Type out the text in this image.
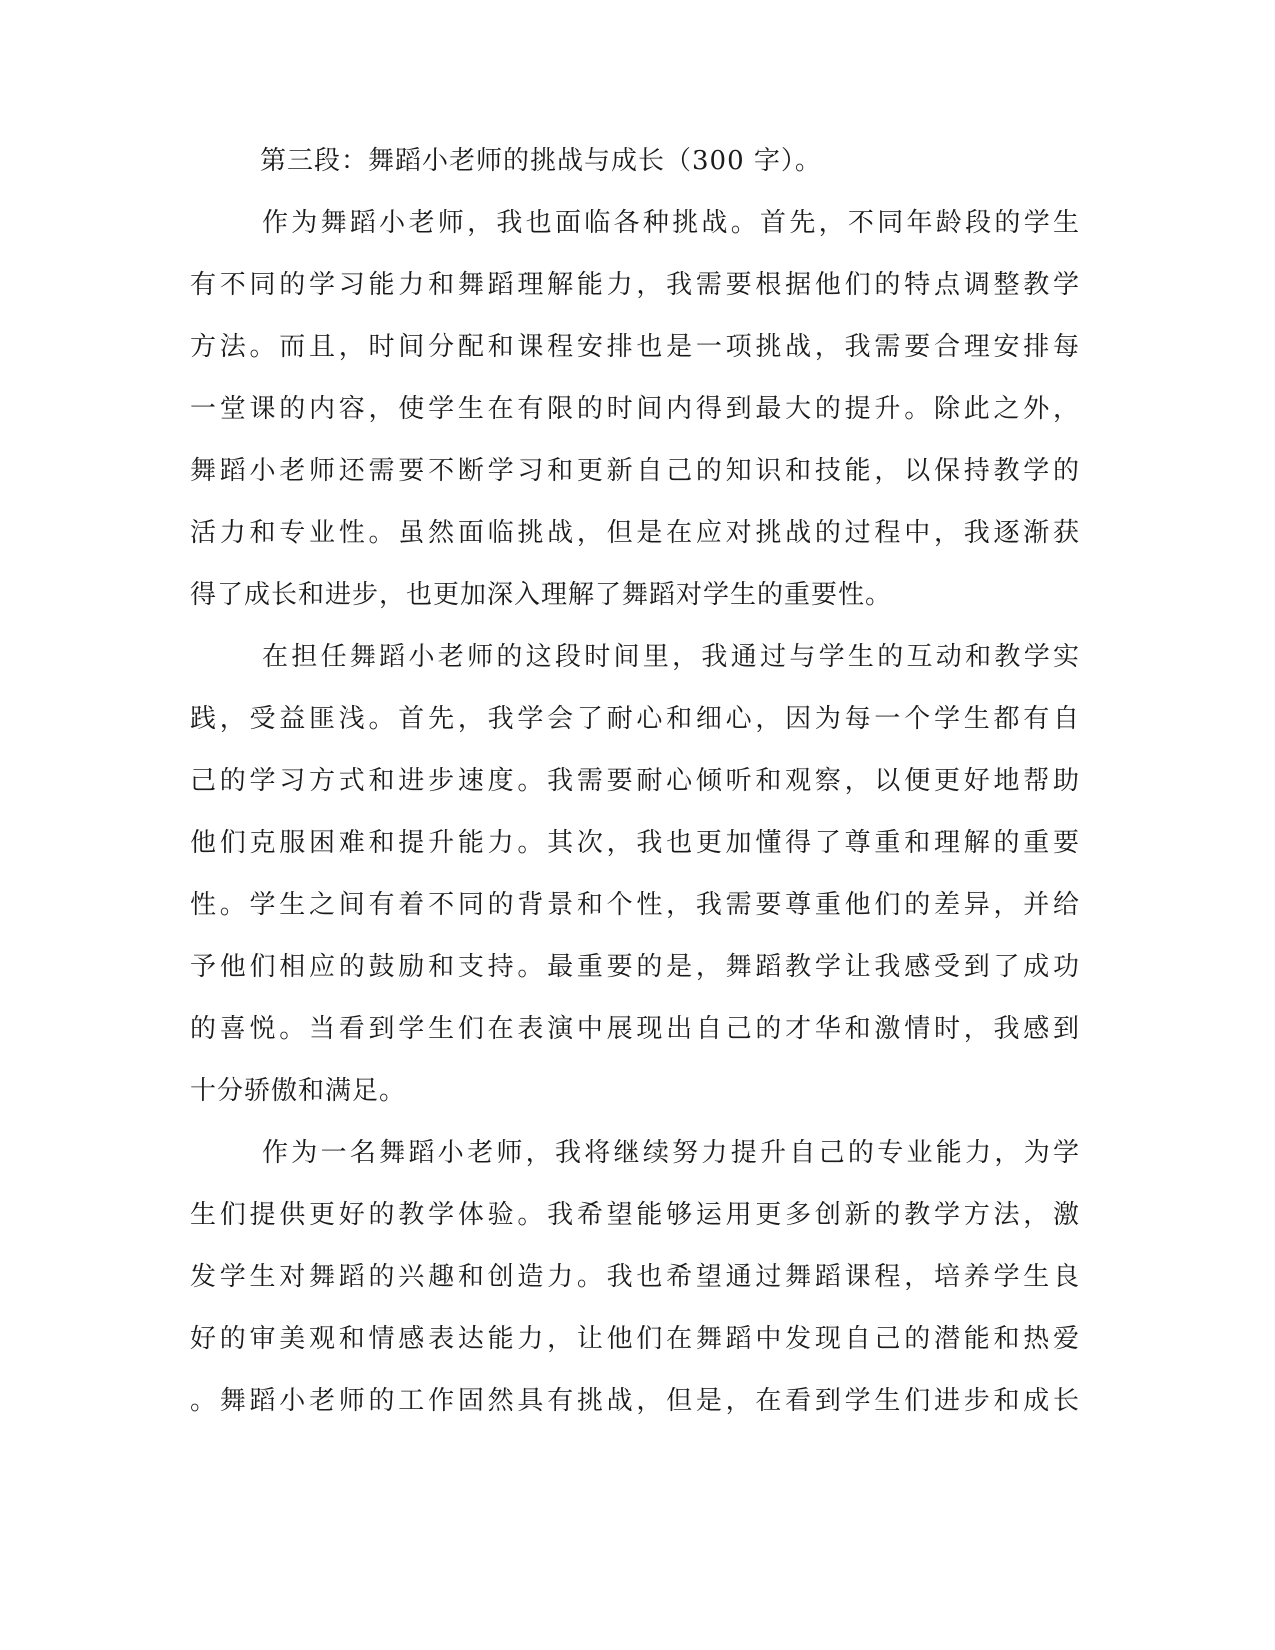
第三段：舞蹈小老师的挑战与成长（300 字）。

作为舞蹈小老师，我也面临各种挑战。首先，不同年龄段的学生
有不同的学习能力和舞蹈理解能力，我需要根据他们的特点调整教学
方法。而且，时间分配和课程安排也是一项挑战，我需要合理安排每
一堂课的内容，使学生在有限的时间内得到最大的提升。除此之外，
舞蹈小老师还需要不断学习和更新自己的知识和技能，以保持教学的
活力和专业性。虽然面临挑战，但是在应对挑战的过程中，我逐渐获
得了成长和进步，也更加深入理解了舞蹈对学生的重要性。

在担任舞蹈小老师的这段时间里，我通过与学生的互动和教学实
践，受益匪浅。首先，我学会了耐心和细心，因为每一个学生都有自
己的学习方式和进步速度。我需要耐心倾听和观察，以便更好地帮助
他们克服困难和提升能力。其次，我也更加懂得了尊重和理解的重要
性。学生之间有着不同的背景和个性，我需要尊重他们的差异，并给
予他们相应的鼓励和支持。最重要的是，舞蹈教学让我感受到了成功
的喜悦。当看到学生们在表演中展现出自己的才华和激情时，我感到
十分骄傲和满足。

作为一名舞蹈小老师，我将继续努力提升自己的专业能力，为学
生们提供更好的教学体验。我希望能够运用更多创新的教学方法，激
发学生对舞蹈的兴趣和创造力。我也希望通过舞蹈课程，培养学生良
好的审美观和情感表达能力，让他们在舞蹈中发现自己的潜能和热爱
。舞蹈小老师的工作固然具有挑战，但是，在看到学生们进步和成长
